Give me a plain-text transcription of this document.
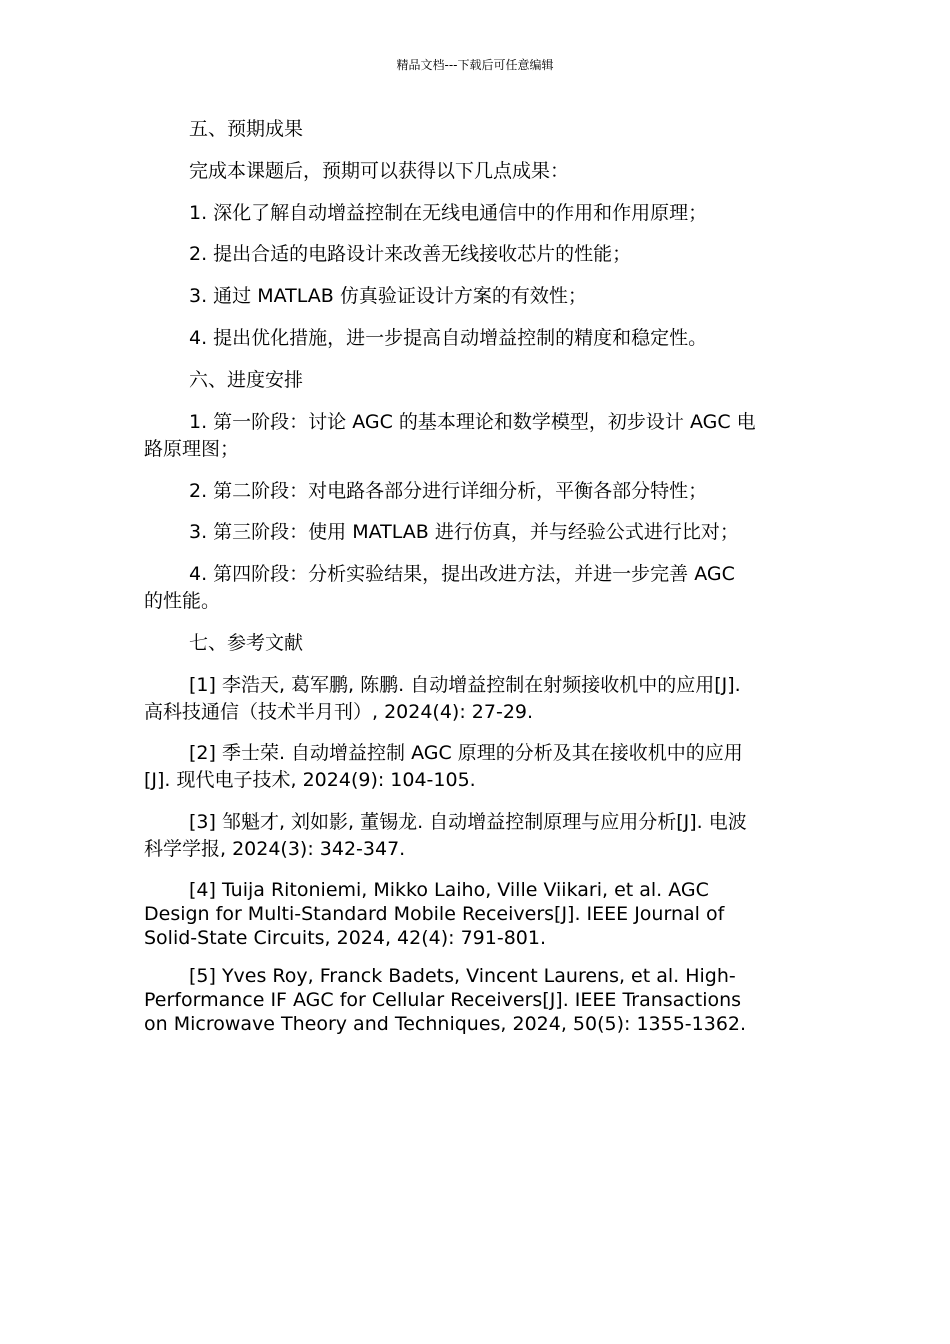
精品文档---下载后可任意编辑
五、预期成果
完成本课题后，预期可以获得以下几点成果：
1. 深化了解自动增益控制在无线电通信中的作用和作用原理；
2. 提出合适的电路设计来改善无线接收芯片的性能；
3. 通过 MATLAB 仿真验证设计方案的有效性；
4. 提出优化措施，进一步提高自动增益控制的精度和稳定性。
六、进度安排
1. 第一阶段：讨论 AGC 的基本理论和数学模型，初步设计 AGC 电
路原理图；
2. 第二阶段：对电路各部分进行详细分析，平衡各部分特性；
3. 第三阶段：使用 MATLAB 进行仿真，并与经验公式进行比对；
4. 第四阶段：分析实验结果，提出改进方法，并进一步完善 AGC
的性能。
七、参考文献
[1] 李浩天, 葛军鹏, 陈鹏. 自动增益控制在射频接收机中的应用[J].
高科技通信（技术半月刊）, 2024(4): 27-29.
[2] 季士荣. 自动增益控制 AGC 原理的分析及其在接收机中的应用
[J]. 现代电子技术, 2024(9): 104-105.
[3] 邹魁才, 刘如影, 董锡龙. 自动增益控制原理与应用分析[J]. 电波
科学学报, 2024(3): 342-347.
[4] Tuija Ritoniemi, Mikko Laiho, Ville Viikari, et al. AGC
Design for Multi-Standard Mobile Receivers[J]. IEEE Journal of
Solid-State Circuits, 2024, 42(4): 791-801.
[5] Yves Roy, Franck Badets, Vincent Laurens, et al. High-
Performance IF AGC for Cellular Receivers[J]. IEEE Transactions
on Microwave Theory and Techniques, 2024, 50(5): 1355-1362.
